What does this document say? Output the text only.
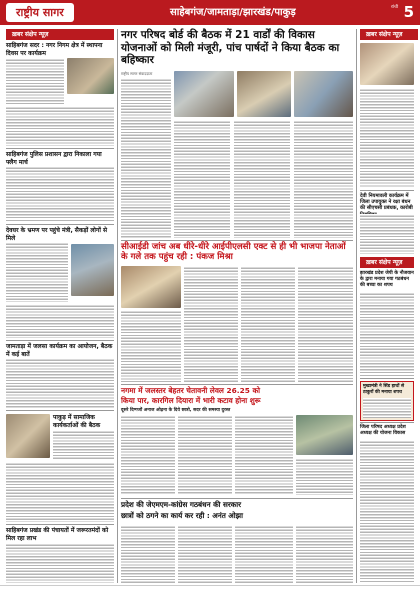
राष्ट्रीय सागर	साहेबगंज/जामताड़ा/झारखंड/पाकुड़	रांची 5
ख़बर संक्षेप न्यूज़
साहिबगंज सदर : नगर निगम क्षेत्र में स्थापना दिवस पर कार्यक्रम
साहिबगंज पुलिस प्रशासन द्वारा निकाला गया फ्लैग मार्च
देवघर के भ्रमण पर पहुंचे मंत्री, सैकड़ों लोगों से मिले
जामताड़ा में जलसा कार्यक्रम का आयोजन, बैठक में कई बातें
पाकुड़ में सामाजिक कार्यकर्ताओं की बैठक
साहिबगंज प्रखंड की पंचायतों में जरूरतमंदों को मिल रहा लाभ
नगर परिषद बोर्ड की बैठक में 21 वार्डों की विकास योजनाओं को मिली मंजूरी, पांच पार्षदों ने किया बैठक का बहिष्कार
राष्ट्रीय सागर संवाददाता
सीआईडी जांच अब धीरे-धीरे आईपीएलसी एक्ट से ही भी भाजपा नेताओं के गले तक पहुंच रही : पंकज मिश्रा
नगमा में जलस्तर बेहतर चेतावनी लेवल 26.25 को
किया पार, कारगिल दियारा में भारी कटाव होना शुरू
दूसरे दिग्गजों अनाज ओढ़ना के दिये छात्रो, सदर की समस्या दुरस्त
प्रदेश की जेएमएम-कांग्रेस गठबंधन की सरकार
छात्रों को ठगने का कार्य कर रही : अनंत ओझा
ख़बर संक्षेप न्यूज़
देवी नियमावली कार्यक्रम में जिला उपायुक्त ने रक्षा बंधन की सीएचसी प्रबंधक, कारोबी
ख़बर संक्षेप न्यूज़
झारखंड प्रदेश जेपी के नौजवान के द्वारा मनाया गया गठबंधन की बच्चा का शपथ
मुख्यमंत्री ने सिंड हाथों से ठाकुरों की मनाया शपथ
जिला परिषद अध्यक्ष प्रदेश अध्यक्ष की योजना विकास
